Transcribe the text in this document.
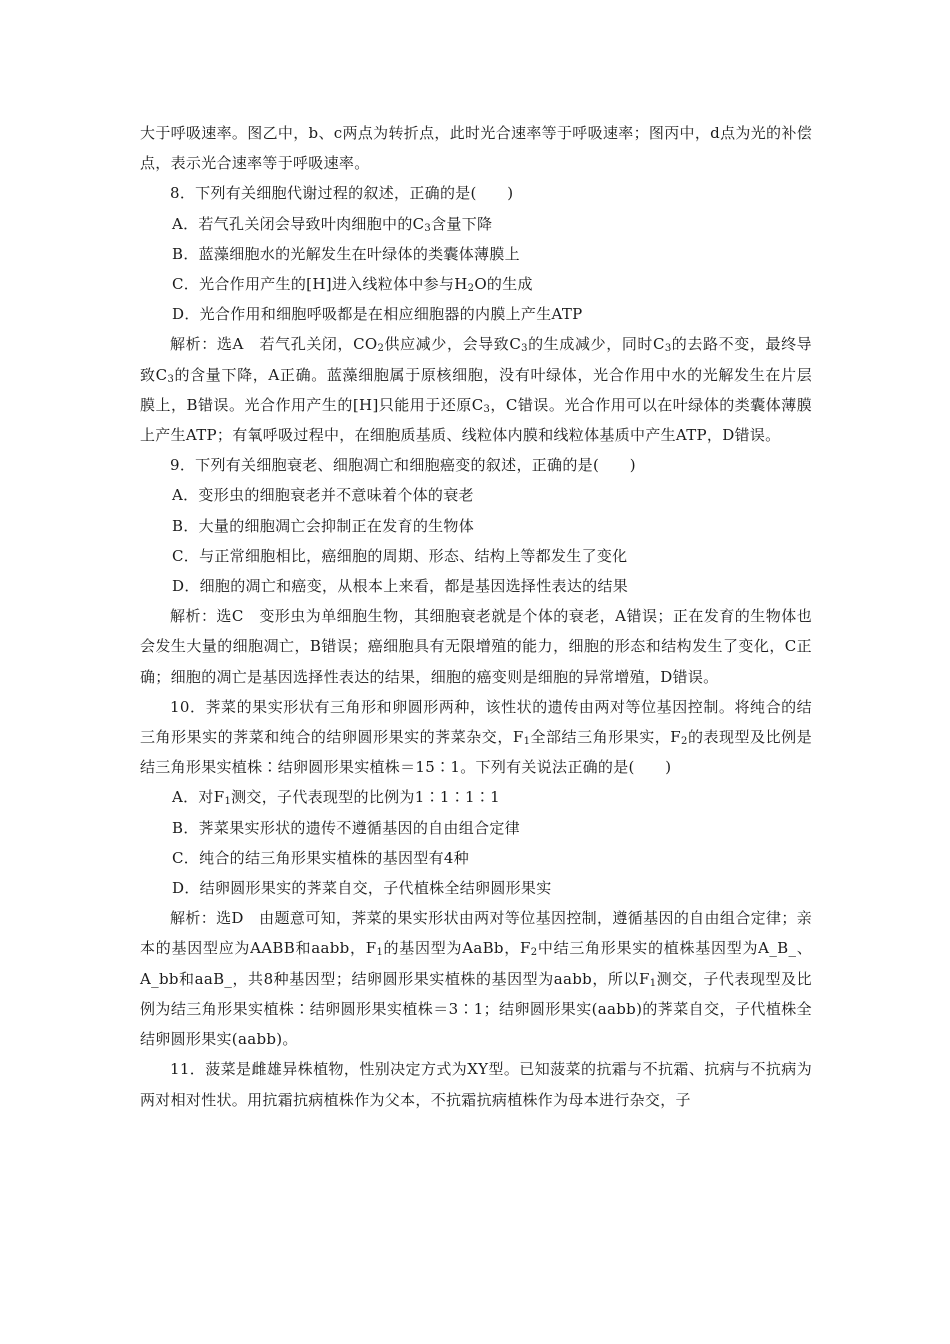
大于呼吸速率。图乙中，b、c两点为转折点，此时光合速率等于呼吸速率；图丙中，d点为光的补偿点，表示光合速率等于呼吸速率。

8．下列有关细胞代谢过程的叙述，正确的是(　　)

A．若气孔关闭会导致叶肉细胞中的$C_3$含量下降

B．蓝藻细胞水的光解发生在叶绿体的类囊体薄膜上

C．光合作用产生的[H]进入线粒体中参与$H_2O$的生成

D．光合作用和细胞呼吸都是在相应细胞器的内膜上产生ATP

解析：选A　若气孔关闭，$CO_2$供应减少，会导致$C_3$的生成减少，同时$C_3$的去路不变，最终导致$C_3$的含量下降，A正确。蓝藻细胞属于原核细胞，没有叶绿体，光合作用中水的光解发生在片层膜上，B错误。光合作用产生的[H]只能用于还原$C_3$，C错误。光合作用可以在叶绿体的类囊体薄膜上产生ATP；有氧呼吸过程中，在细胞质基质、线粒体内膜和线粒体基质中产生ATP，D错误。

9．下列有关细胞衰老、细胞凋亡和细胞癌变的叙述，正确的是(　　)

A．变形虫的细胞衰老并不意味着个体的衰老

B．大量的细胞凋亡会抑制正在发育的生物体

C．与正常细胞相比，癌细胞的周期、形态、结构上等都发生了变化

D．细胞的凋亡和癌变，从根本上来看，都是基因选择性表达的结果

解析：选C　变形虫为单细胞生物，其细胞衰老就是个体的衰老，A错误；正在发育的生物体也会发生大量的细胞凋亡，B错误；癌细胞具有无限增殖的能力，细胞的形态和结构发生了变化，C正确；细胞的凋亡是基因选择性表达的结果，细胞的癌变则是细胞的异常增殖，D错误。

10．荠菜的果实形状有三角形和卵圆形两种，该性状的遗传由两对等位基因控制。将纯合的结三角形果实的荠菜和纯合的结卵圆形果实的荠菜杂交，$F_1$全部结三角形果实，$F_2$的表现型及比例是结三角形果实植株∶结卵圆形果实植株＝15∶1。下列有关说法正确的是(　　)

A．对$F_1$测交，子代表现型的比例为1∶1∶1∶1

B．荠菜果实形状的遗传不遵循基因的自由组合定律

C．纯合的结三角形果实植株的基因型有4种

D．结卵圆形果实的荠菜自交，子代植株全结卵圆形果实

解析：选D　由题意可知，荠菜的果实形状由两对等位基因控制，遵循基因的自由组合定律；亲本的基因型应为AABB和aabb，$F_1$的基因型为AaBb，$F_2$中结三角形果实的植株基因型为A_B_、A_bb和aaB_，共8种基因型；结卵圆形果实植株的基因型为aabb，所以$F_1$测交，子代表现型及比例为结三角形果实植株∶结卵圆形果实植株＝3∶1；结卵圆形果实(aabb)的荠菜自交，子代植株全结卵圆形果实(aabb)。

11．菠菜是雌雄异株植物，性别决定方式为XY型。已知菠菜的抗霜与不抗霜、抗病与不抗病为两对相对性状。用抗霜抗病植株作为父本，不抗霜抗病植株作为母本进行杂交，子
